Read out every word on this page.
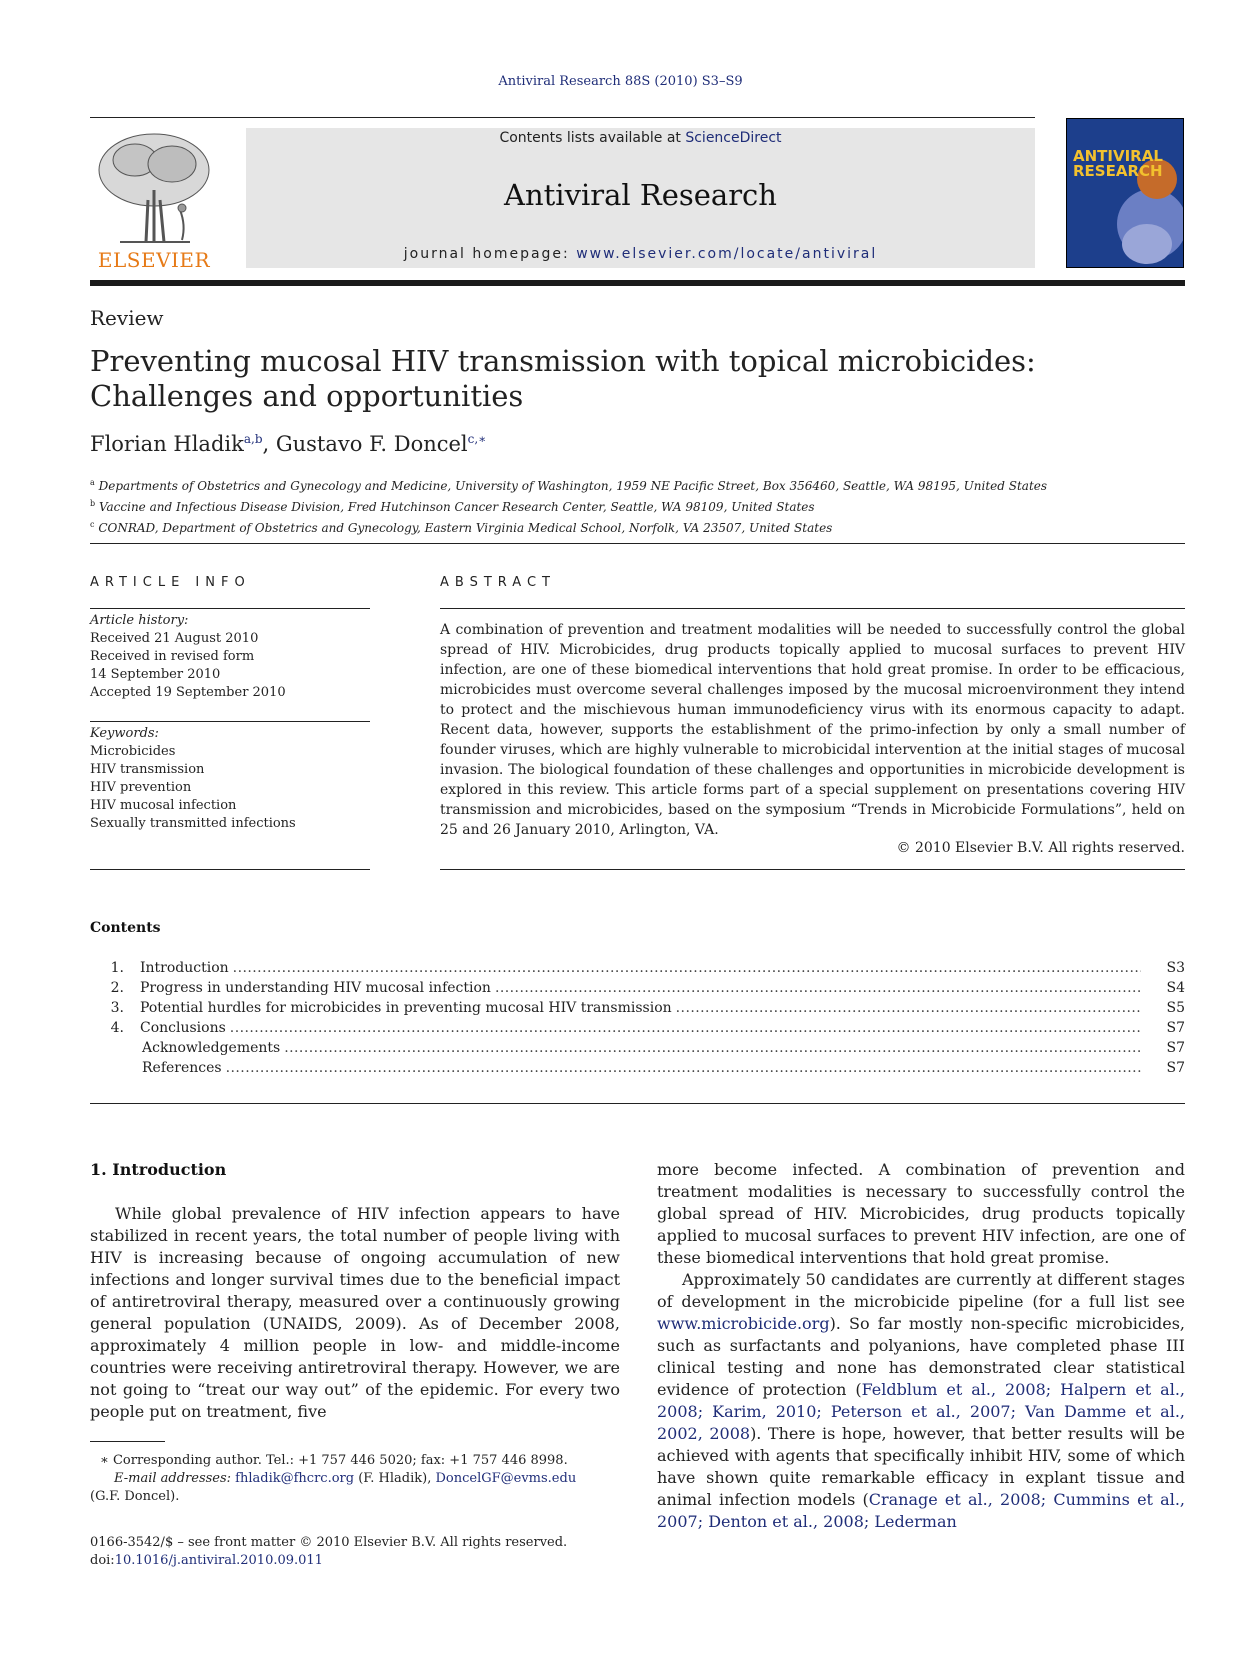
Antiviral Research 88S (2010) S3–S9
ELSEVIER
Contents lists available at ScienceDirect
Antiviral Research
journal homepage: www.elsevier.com/locate/antiviral
ANTIVIRAL
RESEARCH
Review
Preventing mucosal HIV transmission with topical microbicides: Challenges and opportunities
Florian Hladik$^{a,b}$, Gustavo F. Doncel$^{c,∗}$
$^a$ Departments of Obstetrics and Gynecology and Medicine, University of Washington, 1959 NE Pacific Street, Box 356460, Seattle, WA 98195, United States
$^b$ Vaccine and Infectious Disease Division, Fred Hutchinson Cancer Research Center, Seattle, WA 98109, United States
$^c$ CONRAD, Department of Obstetrics and Gynecology, Eastern Virginia Medical School, Norfolk, VA 23507, United States
ARTICLE INFO
Article history:
Received 21 August 2010
Received in revised form
14 September 2010
Accepted 19 September 2010
Keywords:
Microbicides
HIV transmission
HIV prevention
HIV mucosal infection
Sexually transmitted infections
ABSTRACT
A combination of prevention and treatment modalities will be needed to successfully control the global spread of HIV. Microbicides, drug products topically applied to mucosal surfaces to prevent HIV infection, are one of these biomedical interventions that hold great promise. In order to be efficacious, microbicides must overcome several challenges imposed by the mucosal microenvironment they intend to protect and the mischievous human immunodeficiency virus with its enormous capacity to adapt. Recent data, however, supports the establishment of the primo-infection by only a small number of founder viruses, which are highly vulnerable to microbicidal intervention at the initial stages of mucosal invasion. The biological foundation of these challenges and opportunities in microbicide development is explored in this review. This article forms part of a special supplement on presentations covering HIV transmission and microbicides, based on the symposium “Trends in Microbicide Formulations”, held on 25 and 26 January 2010, Arlington, VA.
© 2010 Elsevier B.V. All rights reserved.
Contents
1.	Introduction . . .	S3
2.	Progress in understanding HIV mucosal infection . . .	S4
3.	Potential hurdles for microbicides in preventing mucosal HIV transmission . . .	S5
4.	Conclusions . . .	S7
Acknowledgements . . .	S7
References . . .	S7
1. Introduction

While global prevalence of HIV infection appears to have stabilized in recent years, the total number of people living with HIV is increasing because of ongoing accumulation of new infections and longer survival times due to the beneficial impact of antiretroviral therapy, measured over a continuously growing general population (UNAIDS, 2009). As of December 2008, approximately 4 million people in low- and middle-income countries were receiving antiretroviral therapy. However, we are not going to “treat our way out” of the epidemic. For every two people put on treatment, five

more become infected. A combination of prevention and treatment modalities is necessary to successfully control the global spread of HIV. Microbicides, drug products topically applied to mucosal surfaces to prevent HIV infection, are one of these biomedical interventions that hold great promise.

Approximately 50 candidates are currently at different stages of development in the microbicide pipeline (for a full list see www.microbicide.org). So far mostly non-specific microbicides, such as surfactants and polyanions, have completed phase III clinical testing and none has demonstrated clear statistical evidence of protection (Feldblum et al., 2008; Halpern et al., 2008; Karim, 2010; Peterson et al., 2007; Van Damme et al., 2002, 2008). There is hope, however, that better results will be achieved with agents that specifically inhibit HIV, some of which have shown quite remarkable efficacy in explant tissue and animal infection models (Cranage et al., 2008; Cummins et al., 2007; Denton et al., 2008; Lederman

∗ Corresponding author. Tel.: +1 757 446 5020; fax: +1 757 446 8998.
E-mail addresses: fhladik@fhcrc.org (F. Hladik), DoncelGF@evms.edu
(G.F. Doncel).
0166-3542/$ – see front matter © 2010 Elsevier B.V. All rights reserved.
doi:10.1016/j.antiviral.2010.09.011
